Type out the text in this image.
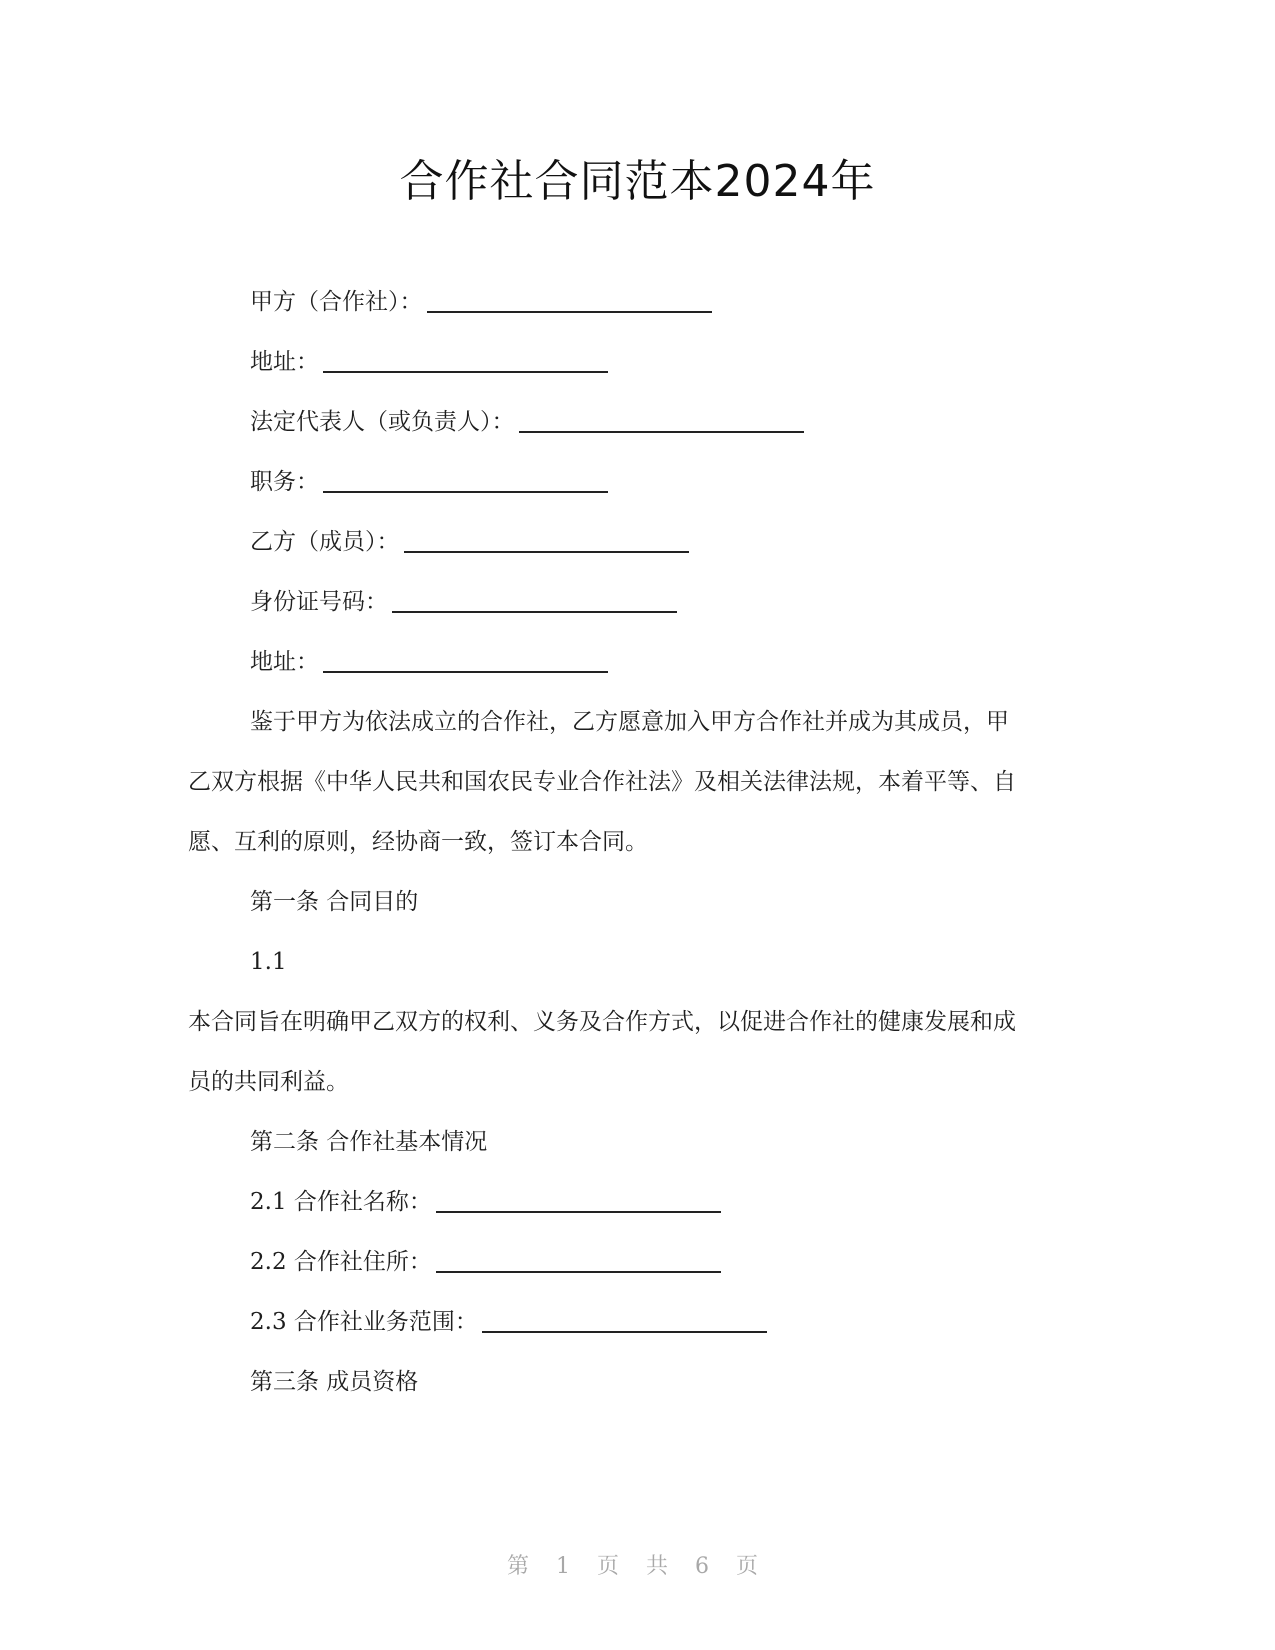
合作社合同范本2024年
甲方（合作社）：
地址：
法定代表人（或负责人）：
职务：
乙方（成员）：
身份证号码：
地址：
鉴于甲方为依法成立的合作社，乙方愿意加入甲方合作社并成为其成员，甲
乙双方根据《中华人民共和国农民专业合作社法》及相关法律法规，本着平等、自
愿、互利的原则，经协商一致，签订本合同。
第一条 合同目的
1.1
本合同旨在明确甲乙双方的权利、义务及合作方式，以促进合作社的健康发展和成
员的共同利益。
第二条 合作社基本情况
2.1 合作社名称：
2.2 合作社住所：
2.3 合作社业务范围：
第三条 成员资格
第 1 页 共 6 页
